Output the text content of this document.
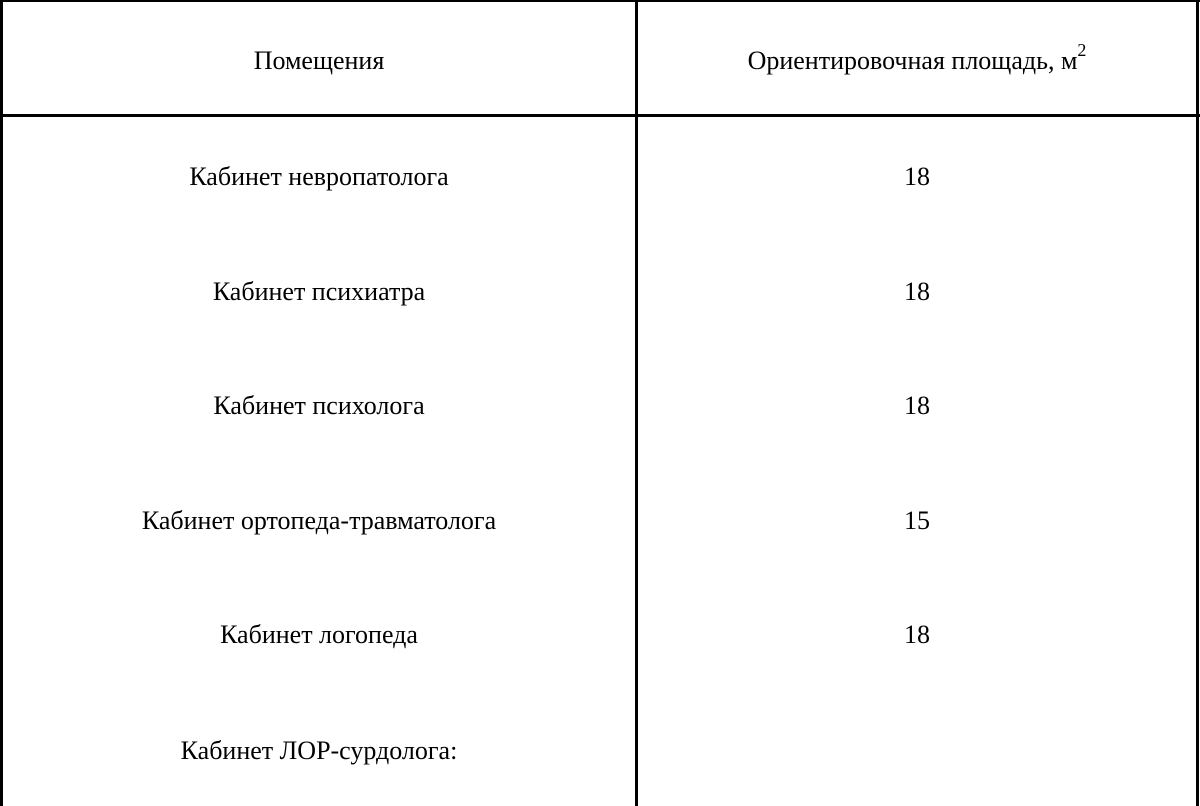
Помещения	Ориентировочная площадь, $м^2$
Кабинет невропатолога	18
Кабинет психиатра	18
Кабинет психолога	18
Кабинет ортопеда-травматолога	15
Кабинет логопеда	18
Кабинет ЛОР-сурдолога:
